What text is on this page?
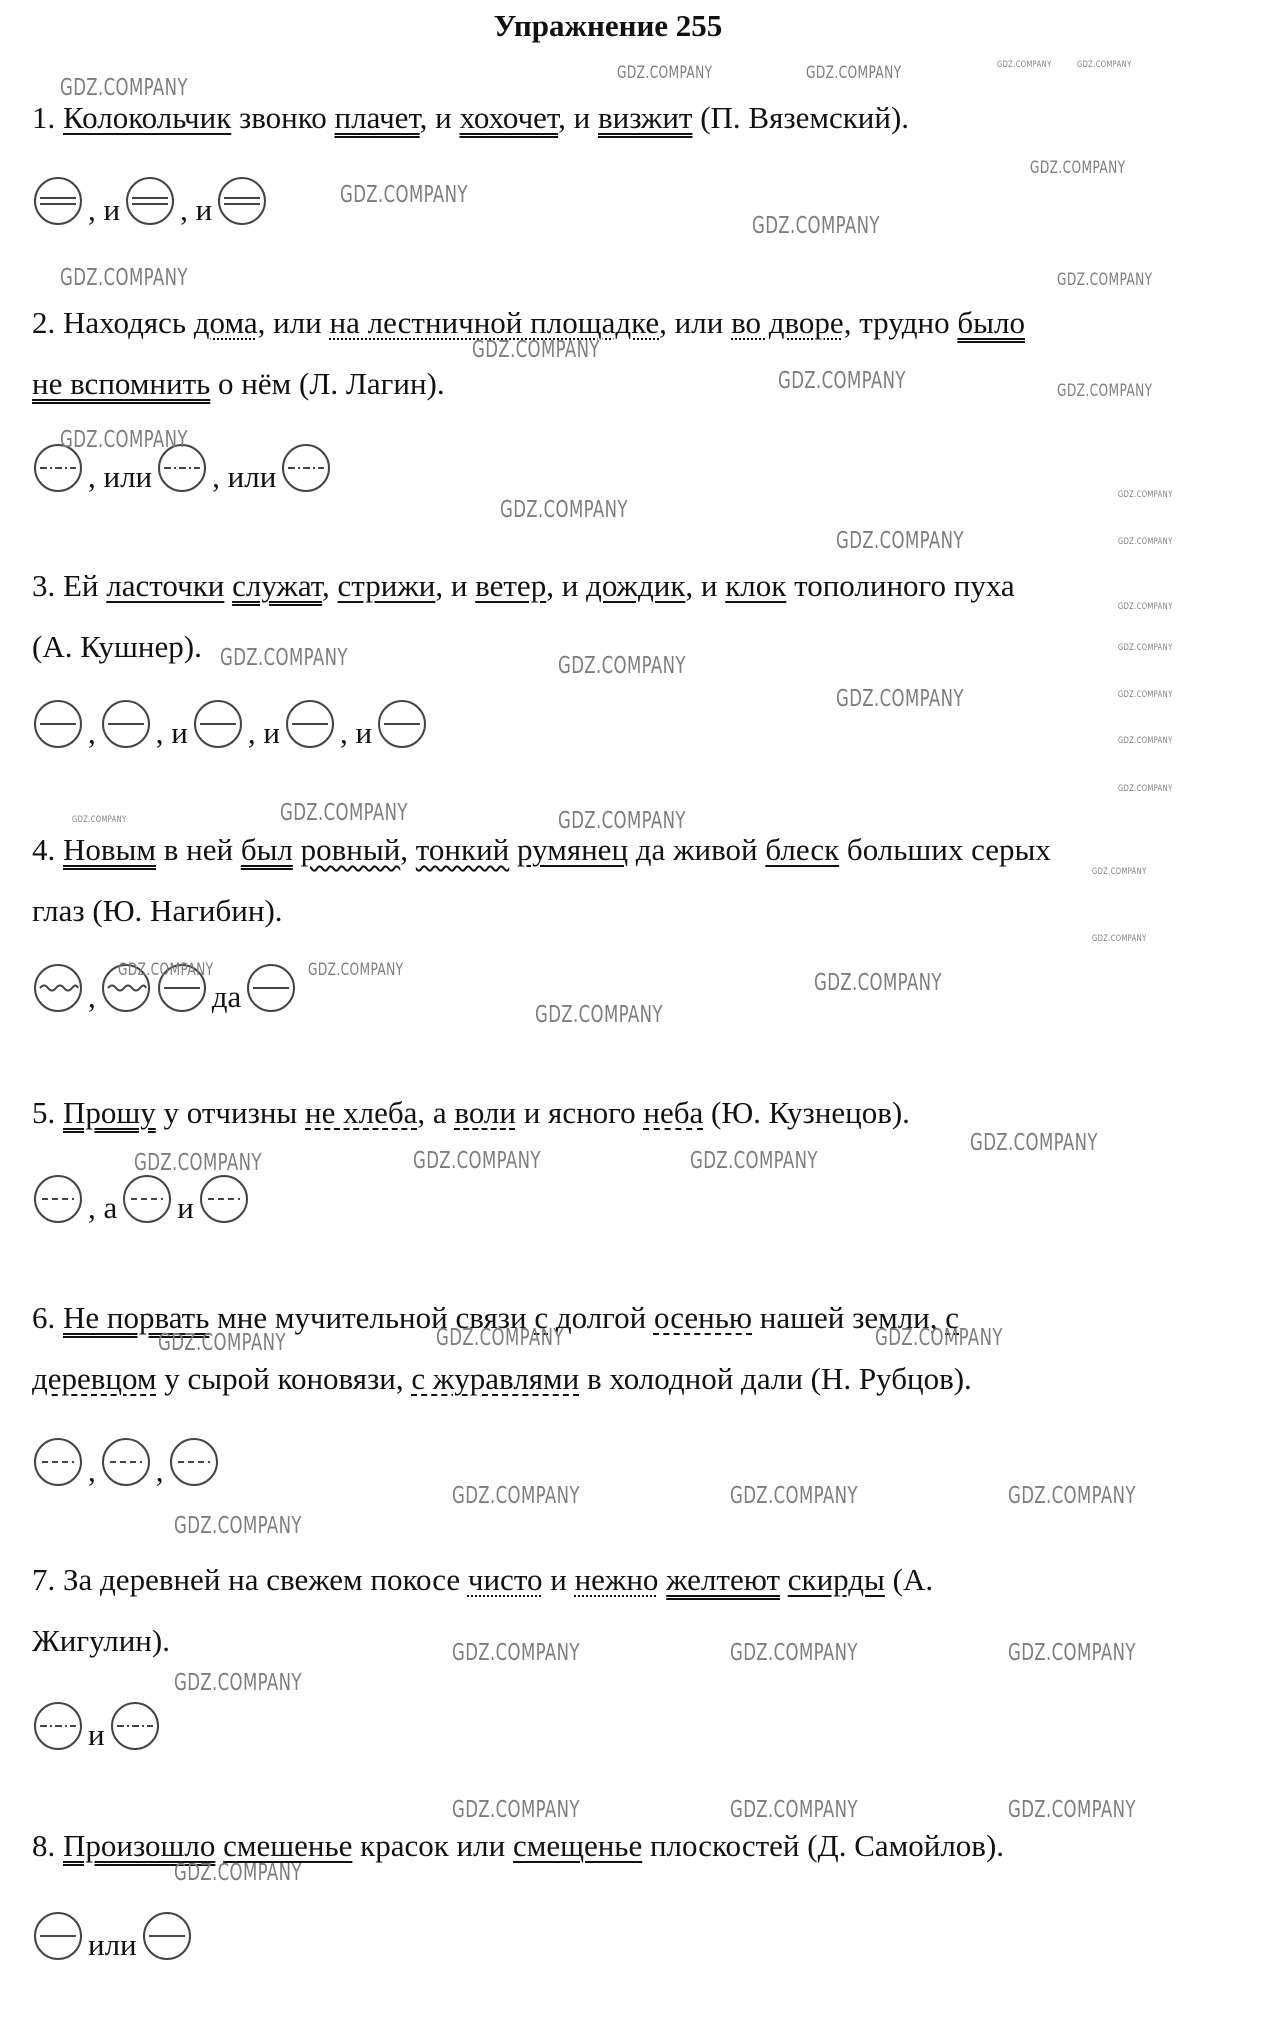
Упражнение 255
1. Колокольчик звонко плачет, и хохочет, и визжит (П. Вяземский).
2. Находясь дома, или на лестничной площадке, или во дворе, трудно было
не вспомнить о нём (Л. Лагин).
3. Ей ласточки служат, стрижи, и ветер, и дождик, и клок тополиного пуха
(А. Кушнер).
4. Новым в ней был ровный, тонкий румянец да живой блеск больших серых
глаз (Ю. Нагибин).
5. Прошу у отчизны не хлеба, а воли и ясного неба (Ю. Кузнецов).
6. Не порвать мне мучительной связи с долгой осенью нашей земли, с
деревцом у сырой коновязи, с журавлями в холодной дали (Н. Рубцов).
7. За деревней на свежем покосе чисто и нежно желтеют скирды (А.
Жигулин).
8. Произошло смешенье красок или смещенье плоскостей (Д. Самойлов).
, и , и
, или , или
, , и , и , и
,	да
, а и
, ,
и
или
GDZ.COMPANY
GDZ.COMPANY	GDZ.COMPANY	GDZ.COMPANY	GDZ.COMPANY
GDZ.COMPANY
GDZ.COMPANY
GDZ.COMPANY
GDZ.COMPANY	GDZ.COMPANY
GDZ.COMPANY
GDZ.COMPANY	GDZ.COMPANY
GDZ.COMPANY
GDZ.COMPANY
GDZ.COMPANY
GDZ.COMPANY
GDZ.COMPANY
GDZ.COMPANY
GDZ.COMPANY	GDZ.COMPANY
GDZ.COMPANY
GDZ.COMPANY
GDZ.COMPANY
GDZ.COMPANY
GDZ.COMPANY
GDZ.COMPANY	GDZ.COMPANY	GDZ.COMPANY
GDZ.COMPANY
GDZ.COMPANY
GDZ.COMPANY	GDZ.COMPANY	GDZ.COMPANY
GDZ.COMPANY
GDZ.COMPANY
GDZ.COMPANY	GDZ.COMPANY	GDZ.COMPANY
GDZ.COMPANY	GDZ.COMPANY	GDZ.COMPANY
GDZ.COMPANY	GDZ.COMPANY	GDZ.COMPANY
GDZ.COMPANY
GDZ.COMPANY	GDZ.COMPANY	GDZ.COMPANY
GDZ.COMPANY
GDZ.COMPANY	GDZ.COMPANY	GDZ.COMPANY
GDZ.COMPANY
